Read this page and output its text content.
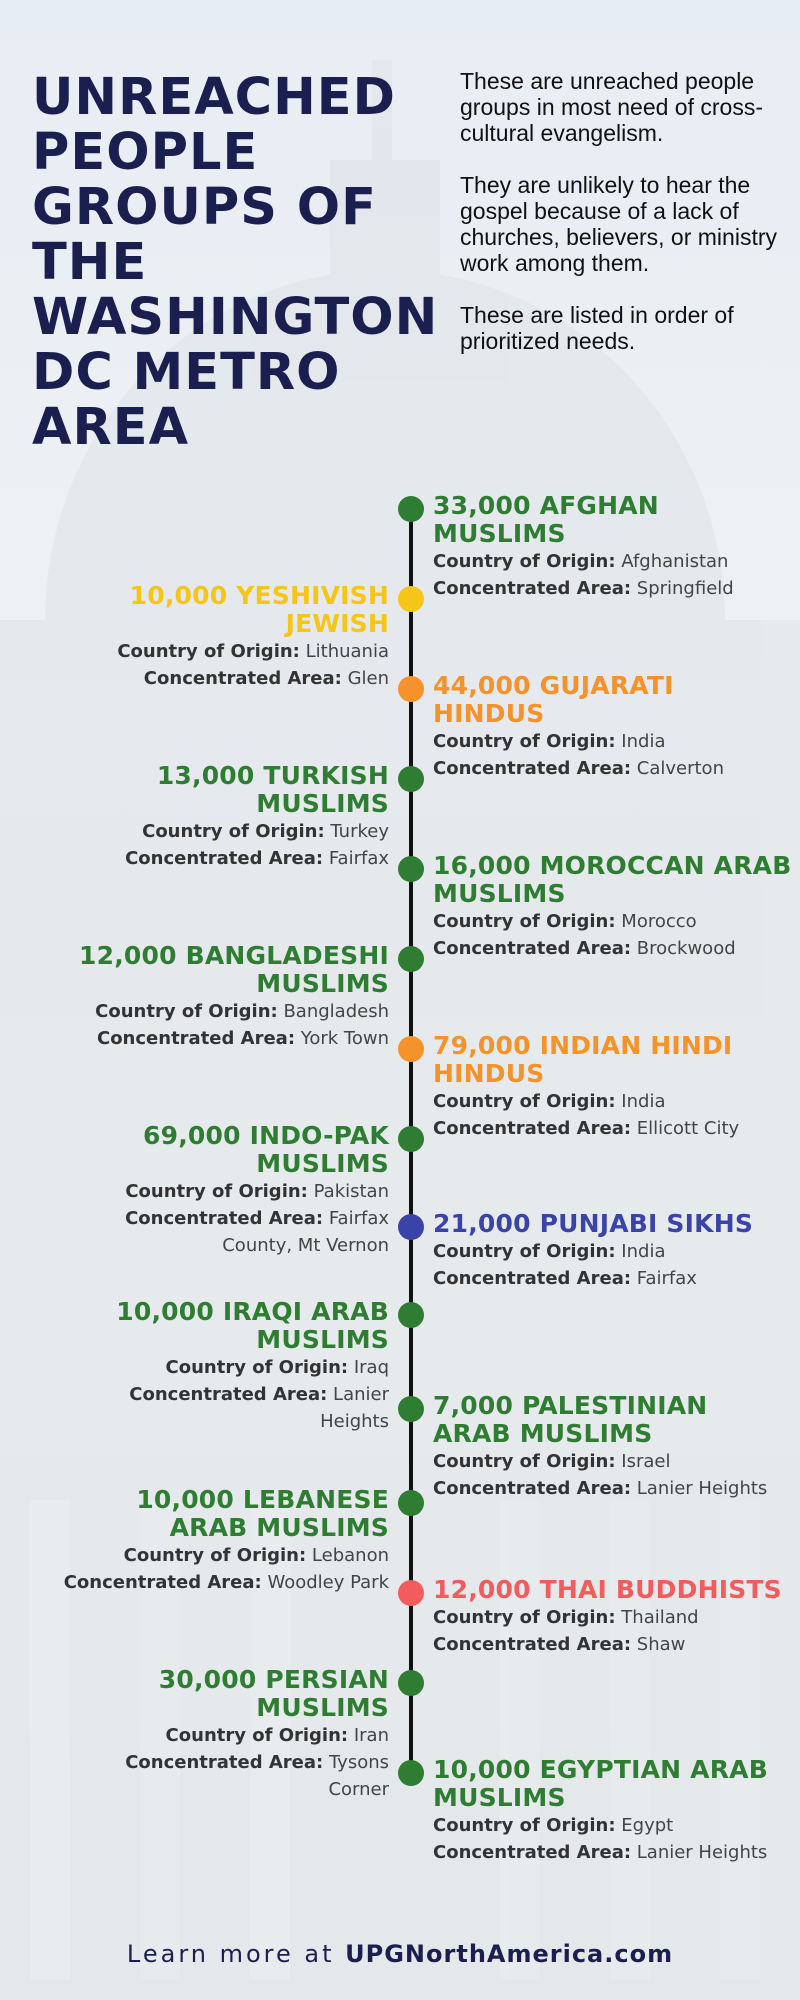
UNREACHED PEOPLE GROUPS OF THE WASHINGTON DC METRO AREA

These are unreached people groups in most need of cross-cultural evangelism.

They are unlikely to hear the gospel because of a lack of churches, believers, or ministry work among them.

These are listed in order of prioritized needs.

33,000 AFGHAN MUSLIMS
Country of Origin: Afghanistan
Concentrated Area: Springfield
10,000 YESHIVISH JEWISH
Country of Origin: Lithuania
Concentrated Area: Glen 44,000 GUJARATI HINDUS
Country of Origin: India
Concentrated Area: Calverton
13,000 TURKISH MUSLIMS
Country of Origin: Turkey
Concentrated Area: Fairfax 16,000 MOROCCAN ARAB MUSLIMS
Country of Origin: Morocco
Concentrated Area: Brockwood
12,000 BANGLADESHI MUSLIMS
Country of Origin: Bangladesh
Concentrated Area: York Town 79,000 INDIAN HINDI HINDUS
Country of Origin: India
Concentrated Area: Ellicott City
69,000 INDO-PAK MUSLIMS
Country of Origin: Pakistan
Concentrated Area: Fairfax County, Mt Vernon
21,000 PUNJABI SIKHS
Country of Origin: India
Concentrated Area: Fairfax
10,000 IRAQI ARAB MUSLIMS
Country of Origin: Iraq
Concentrated Area: Lanier Heights
7,000 PALESTINIAN ARAB MUSLIMS
Country of Origin: Israel
Concentrated Area: Lanier Heights
10,000 LEBANESE ARAB MUSLIMS
Country of Origin: Lebanon
Concentrated Area: Woodley Park 12,000 THAI BUDDHISTS
Country of Origin: Thailand
Concentrated Area: Shaw
30,000 PERSIAN MUSLIMS
Country of Origin: Iran
Concentrated Area: Tysons Corner
10,000 EGYPTIAN ARAB MUSLIMS
Country of Origin: Egypt
Concentrated Area: Lanier Heights
Learn more at UPGNorthAmerica.com
